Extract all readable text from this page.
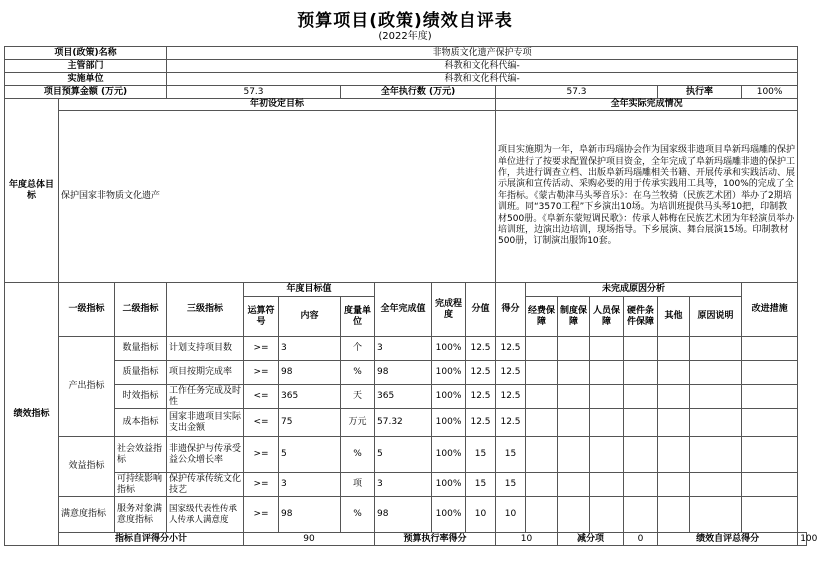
预算项目(政策)绩效自评表
(2022年度)
项目(政策)名称			非物质文化遗产保护专项															
主管部门			科教和文化科代编-															
实施单位			科教和文化科代编-															
项目预算金额 (万元)			57.3			全年执行数 (万元)				57.3					执行率		100%	
年度总体目标	年初设定目标									全年实际完成情况								
	保护国家非物质文化遗产									项目实施期为一年，阜新市玛瑙协会作为国家级非遗项目阜新玛瑙雕的保护单位进行了按要求配置保护项目资金，全年完成了阜新玛瑙雕非遗的保护工作，共进行调查立档、出版阜新玛瑙雕相关书籍、开展传承和实践活动、展示展演和宣传活动、采购必要的用于传承实践用工具等，100%的完成了全年指标。《蒙古勒津马头琴音乐》：在乌兰牧骑（民族艺术团）举办了2期培训班。同“3570工程”下乡演出10场。为培训班提供马头琴10把，印制教材500册。《阜新东蒙短调民歌》：传承人韩梅在民族艺术团为年轻演员举办培训班，边演出边培训，现场指导。下乡展演、舞台展演15场。印制教材500册，订制演出服饰10套。								
绩效指标	一级指标	二级指标	三级指标	年度目标值			全年完成值	完成程度	分值	得分	未完成原因分析						改进措施	
				运算符号	内容	度量单位					经费保障	制度保障	人员保障	硬件条件保障	其他	原因说明		
	产出指标	数量指标	计划支持项目数	>=	3	个	3	100%	12.5	12.5								
		质量指标	项目按期完成率	>=	98	%	98	100%	12.5	12.5								
		时效指标	工作任务完成及时性	<=	365	天	365	100%	12.5	12.5								
		成本指标	国家非遗项目实际支出金额	<=	75	万元	57.32	100%	12.5	12.5								
	效益指标	社会效益指标	非遗保护与传承受益公众增长率	>=	5	%	5	100%	15	15								
		可持续影响指标	保护传承传统文化技艺	>=	3	项	3	100%	15	15								
	满意度指标	服务对象满意度指标	国家级代表性传承人传承人满意度	>=	98	%	98	100%	10	10								
	指标自评得分小计			90			预算执行率得分			10		减分项		0	绩效自评总得分			100
